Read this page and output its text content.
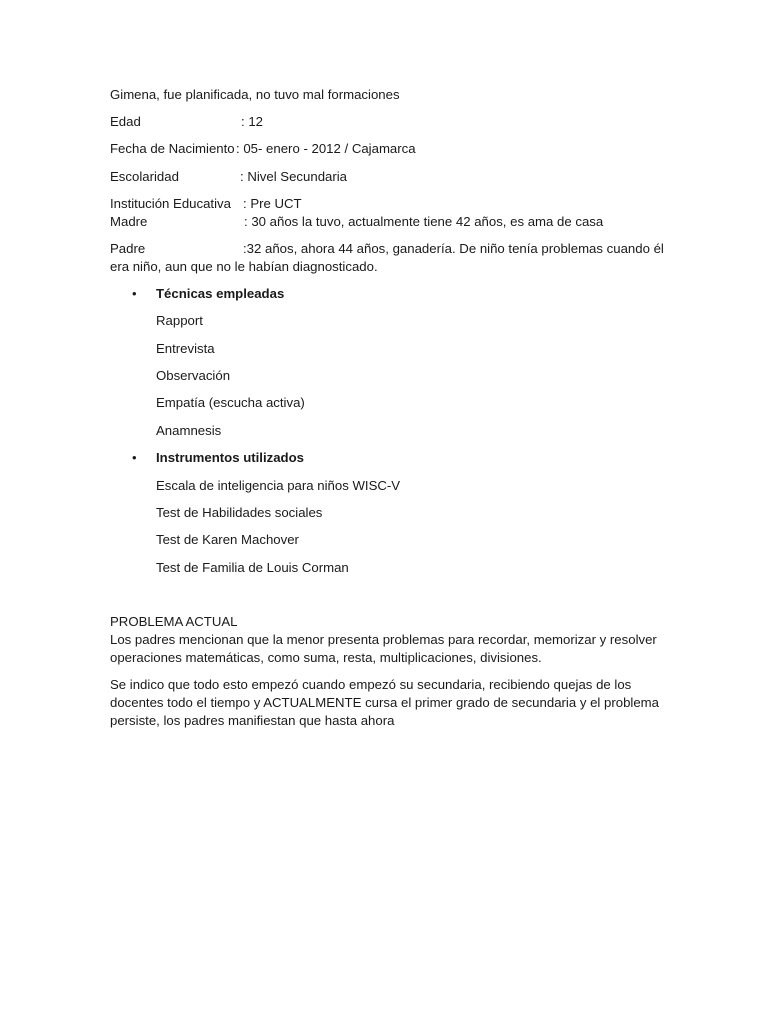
Gimena, fue planificada, no tuvo mal formaciones
Edad	: 12
Fecha de Nacimiento: 05- enero - 2012 / Cajamarca
Escolaridad	: Nivel Secundaria
Institución Educativa : Pre UCT
Madre	: 30 años la tuvo, actualmente tiene 42 años, es ama de casa
Padre	:32 años, ahora 44 años, ganadería. De niño tenía problemas cuando él
era niño, aun que no le habían diagnosticado.
• Técnicas empleadas
Rapport
Entrevista
Observación
Empatía (escucha activa)
Anamnesis
• Instrumentos utilizados
Escala de inteligencia para niños WISC-V
Test de Habilidades sociales
Test de Karen Machover
Test de Familia de Louis Corman
PROBLEMA ACTUAL
Los padres mencionan que la menor presenta problemas para recordar, memorizar y resolver operaciones matemáticas, como suma, resta, multiplicaciones, divisiones.
Se indico que todo esto empezó cuando empezó su secundaria, recibiendo quejas de los docentes todo el tiempo y ACTUALMENTE cursa el primer grado de secundaria y el problema persiste, los padres manifiestan que hasta ahora
